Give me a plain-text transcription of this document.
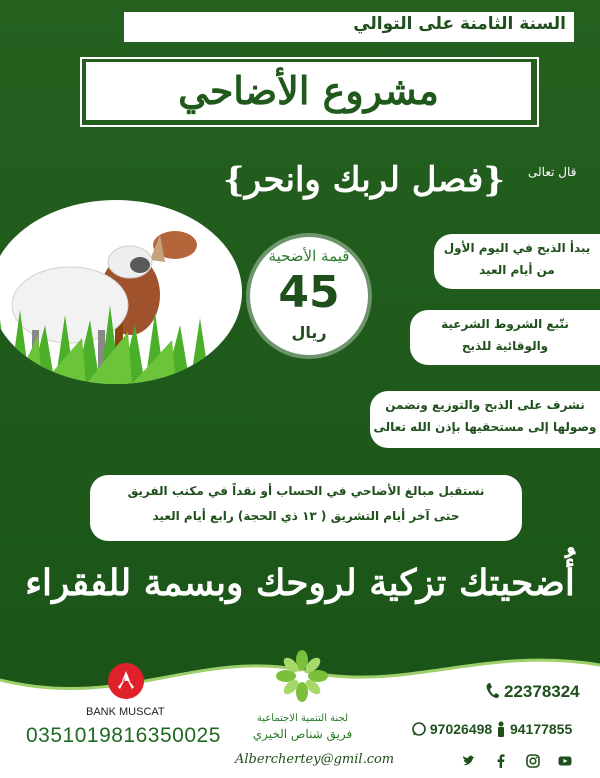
السنة الثامنة على التوالي
مشروع الأضاحي
قال تعالى
{فصل لربك وانحر}
قيمة الأضحية
45
ريال
يبدأ الذبح في اليوم الأول
من أيام العيد
نتّبع الشروط الشرعية
والوقائية للذبح
نشرف على الذبح والتوزيع ونضمن
وصولها إلى مستحقيها بإذن الله تعالى
نستقبل مبالغ الأضاحي في الحساب أو نقداً في مكتب الفريق
حتى آخر أيام التشريق ( ١٣ ذي الحجة) رابع أيام العيد
أُضحيتك تزكية لروحك وبسمة للفقراء
BANK MUSCAT
0351019816350025
لجنة التنمية الاجتماعية
فريق شناص الخيري
Alberchertey@gmil.com
22378324
97026498 94177855
